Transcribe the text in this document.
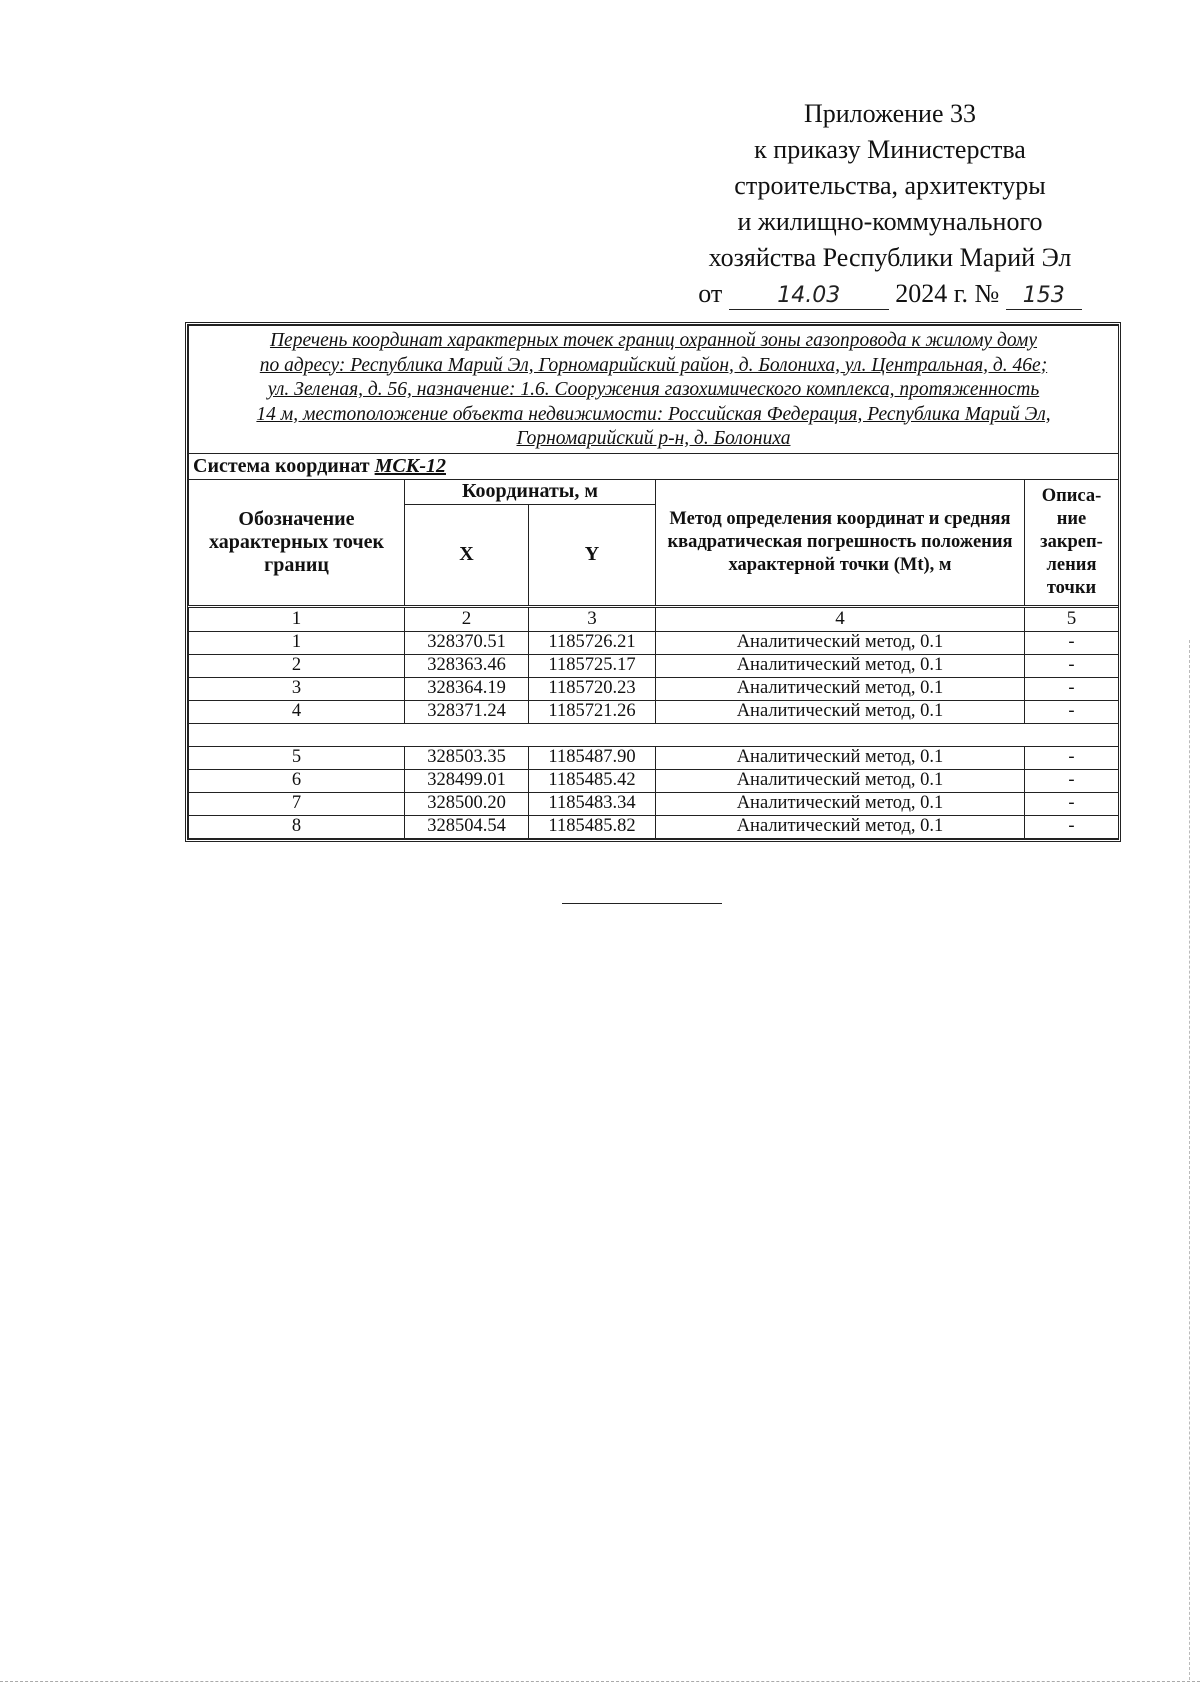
Приложение 33
к приказу Министерства
строительства, архитектуры
и жилищно-коммунального
хозяйства Республики Марий Эл
от	14.03 2024 г. № 153
Перечень координат характерных точек границ охранной зоны газопровода к жилому дому
по адресу: Республика Марий Эл, Горномарийский район, д. Болониха, ул. Центральная, д. 46е;
ул. Зеленая, д. 56, назначение: 1.6. Сооружения газохимического комплекса, протяженность
14 м, местоположение объекта недвижимости: Российская Федерация, Республика Марий Эл,
Горномарийский р-н, д. Болониха				

Система координат МСК-12				
Обозначение характерных точек границ	Координаты, м		Метод определения координат и средняя квадратическая погрешность положения характерной точки (Mt), м	Описа-ние закреп-ления точки
	X	Y		
1	2	3	4	5
1	328370.51	1185726.21	Аналитический метод, 0.1	-
2	328363.46	1185725.17	Аналитический метод, 0.1	-
3	328364.19	1185720.23	Аналитический метод, 0.1	-
4	328371.24	1185721.26	Аналитический метод, 0.1	-

5	328503.35	1185487.90	Аналитический метод, 0.1	-
6	328499.01	1185485.42	Аналитический метод, 0.1	-
7	328500.20	1185483.34	Аналитический метод, 0.1	-
8	328504.54	1185485.82	Аналитический метод, 0.1	-
